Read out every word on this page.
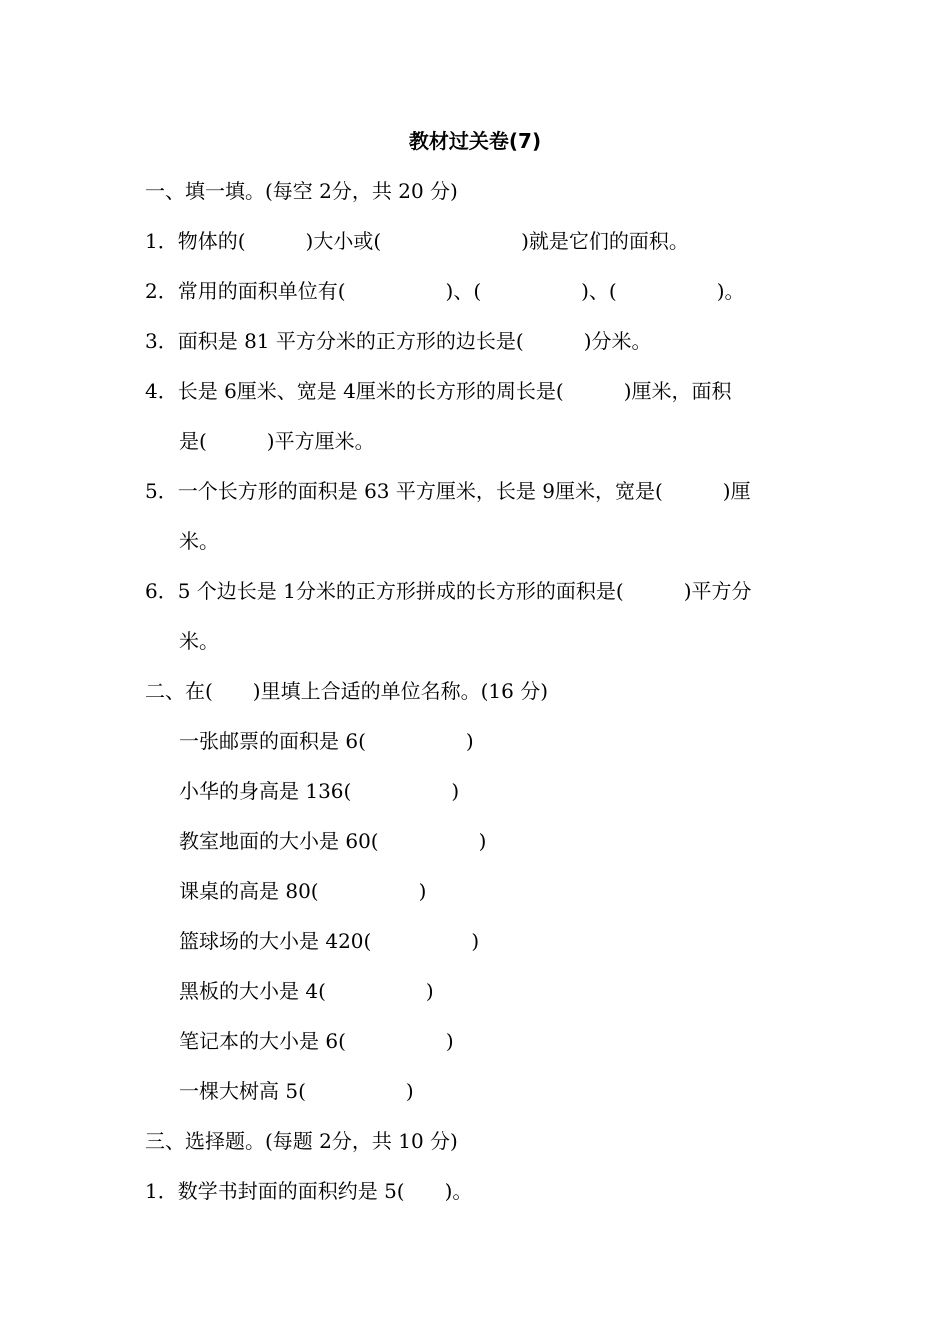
教材过关卷(7)
一、填一填。(每空 2分，共 20 分)
1．物体的(　　　)大小或(　　　　　　　)就是它们的面积。
2．常用的面积单位有(　　　　　)、(　　　　　)、(　　　　　)。
3．面积是 81 平方分米的正方形的边长是(　　　)分米。
4．长是 6厘米、宽是 4厘米的长方形的周长是(　　　)厘米，面积
是(　　　)平方厘米。
5．一个长方形的面积是 63 平方厘米，长是 9厘米，宽是(　　　)厘
米。
6．5 个边长是 1分米的正方形拼成的长方形的面积是(　　　)平方分
米。
二、在(　　)里填上合适的单位名称。(16 分)
一张邮票的面积是 6(　　　　　)
小华的身高是 136(　　　　　)
教室地面的大小是 60(　　　　　)
课桌的高是 80(　　　　　)
篮球场的大小是 420(　　　　　)
黑板的大小是 4(　　　　　)
笔记本的大小是 6(　　　　　)
一棵大树高 5(　　　　　)
三、选择题。(每题 2分，共 10 分)
1．数学书封面的面积约是 5(　　)。
